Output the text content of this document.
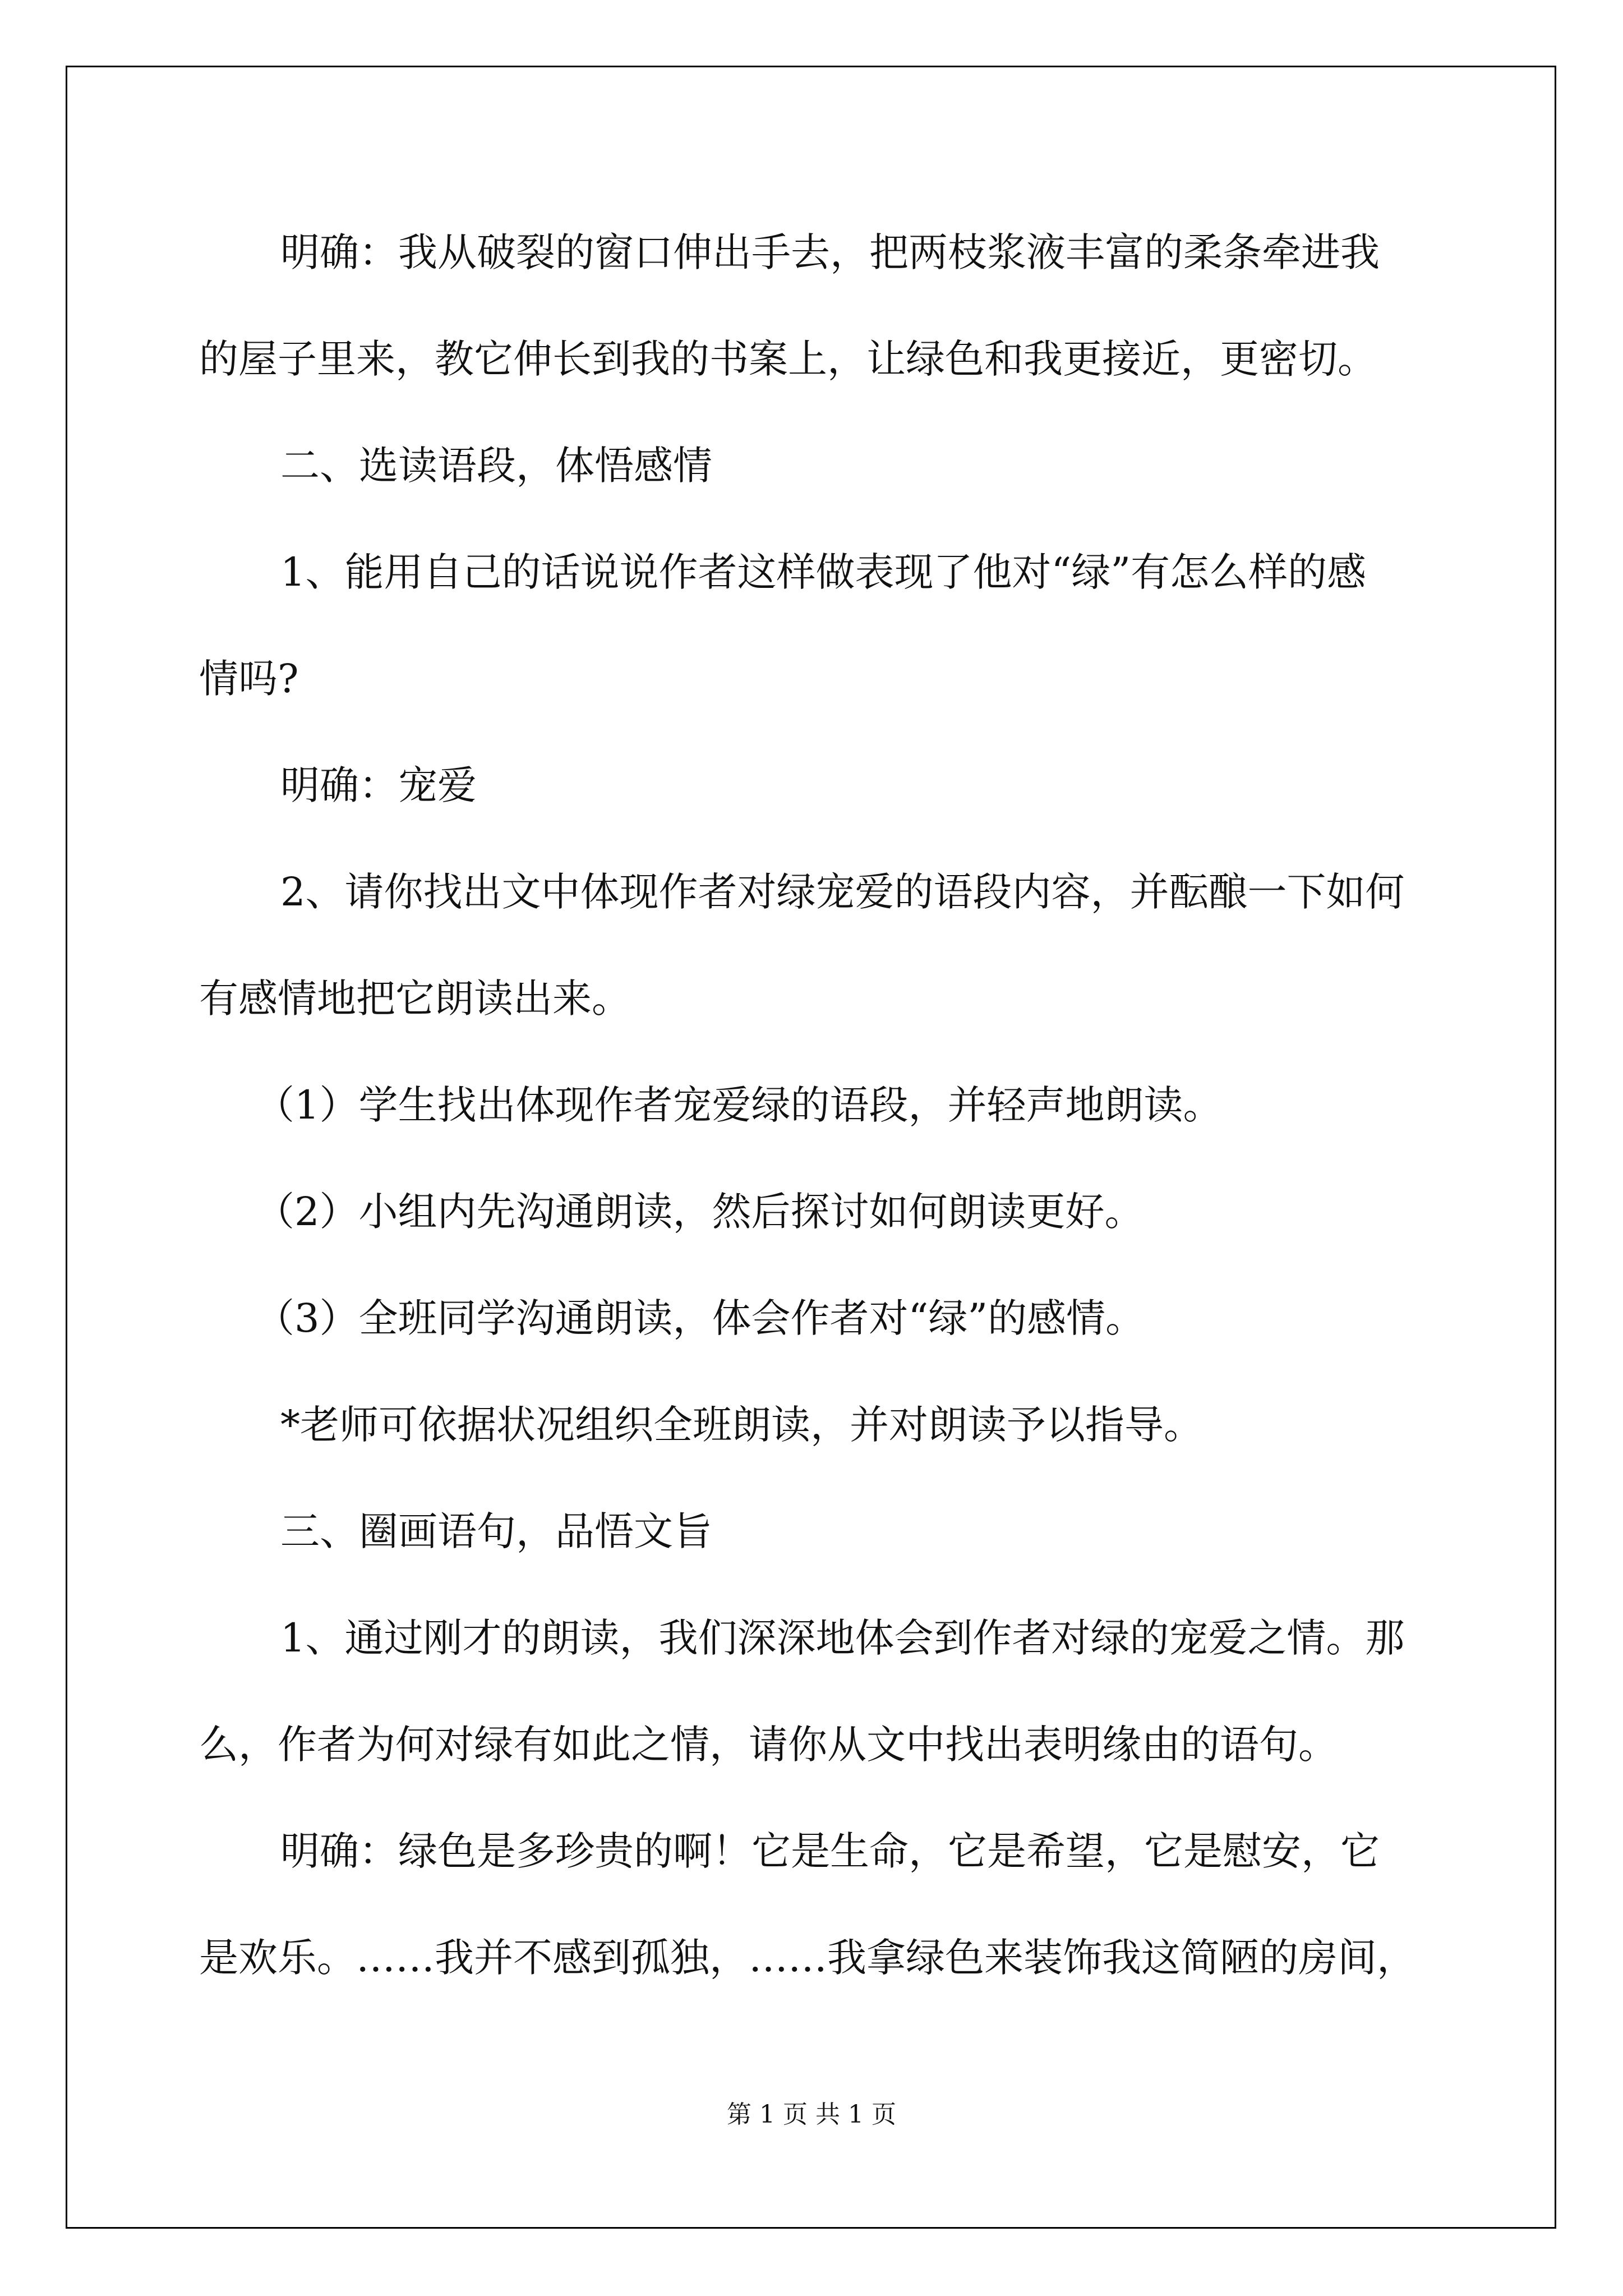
明确：我从破裂的窗口伸出手去，把两枝浆液丰富的柔条牵进我

的屋子里来，教它伸长到我的书案上，让绿色和我更接近，更密切。

二、选读语段，体悟感情

1、能用自己的话说说作者这样做表现了他对“绿”有怎么样的感

情吗?

明确：宠爱

2、请你找出文中体现作者对绿宠爱的语段内容，并酝酿一下如何

有感情地把它朗读出来。

（1）学生找出体现作者宠爱绿的语段，并轻声地朗读。

（2）小组内先沟通朗读，然后探讨如何朗读更好。

（3）全班同学沟通朗读，体会作者对“绿”的感情。

*老师可依据状况组织全班朗读，并对朗读予以指导。

三、圈画语句，品悟文旨

1、通过刚才的朗读，我们深深地体会到作者对绿的宠爱之情。那

么，作者为何对绿有如此之情，请你从文中找出表明缘由的语句。

明确：绿色是多珍贵的啊！它是生命，它是希望，它是慰安，它

是欢乐。……我并不感到孤独，……我拿绿色来装饰我这简陋的房间，

第 1 页 共 1 页
